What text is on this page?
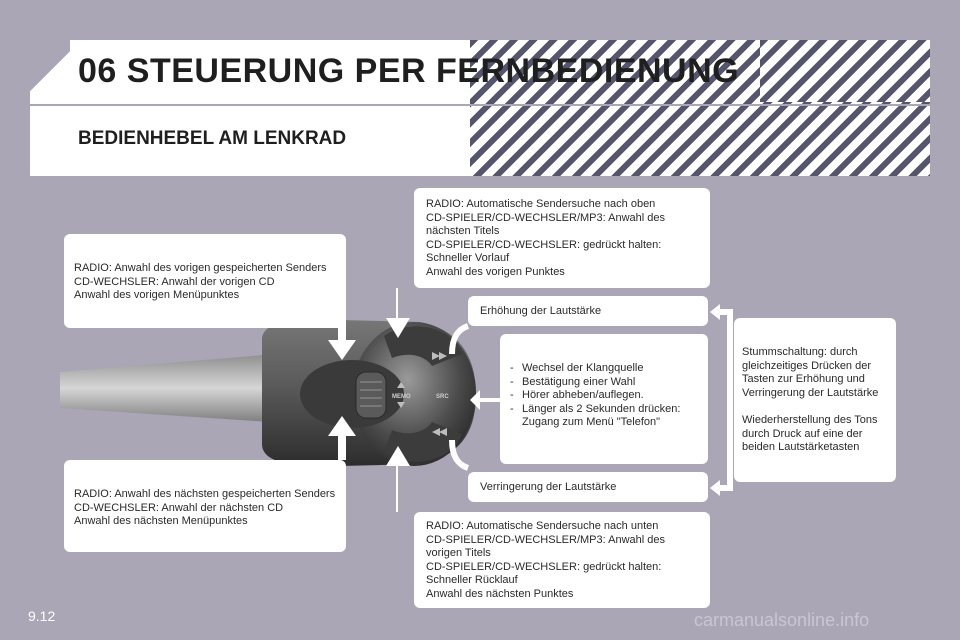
06 STEUERUNG PER FERNBEDIENUNG
BEDIENHEBEL AM LENKRAD
MEMO	SRC

RADIO: Anwahl des vorigen gespeicherten Senders

CD-WECHSLER: Anwahl der vorigen CD

Anwahl des vorigen Menüpunktes

RADIO: Anwahl des nächsten gespeicherten Senders

CD-WECHSLER: Anwahl der nächsten CD

Anwahl des nächsten Menüpunktes

RADIO: Automatische Sendersuche nach oben

CD-SPIELER/CD-WECHSLER/MP3: Anwahl des nächsten Titels

CD-SPIELER/CD-WECHSLER: gedrückt halten: Schneller Vorlauf

Anwahl des vorigen Punktes

Erhöhung der Lautstärke

- Wechsel der Klangquelle
- Bestätigung einer Wahl
- Hörer abheben/auflegen.
- Länger als 2 Sekunden drücken: Zugang zum Menü "Telefon"

Verringerung der Lautstärke

RADIO: Automatische Sendersuche nach unten

CD-SPIELER/CD-WECHSLER/MP3: Anwahl des vorigen Titels

CD-SPIELER/CD-WECHSLER: gedrückt halten: Schneller Rücklauf

Anwahl des nächsten Punktes

Stummschaltung: durch gleichzeitiges Drücken der Tasten zur Erhöhung und Verringerung der Lautstärke

Wiederherstellung des Tons durch Druck auf eine der beiden Lautstärketasten

9.12	carmanualsonline.info
